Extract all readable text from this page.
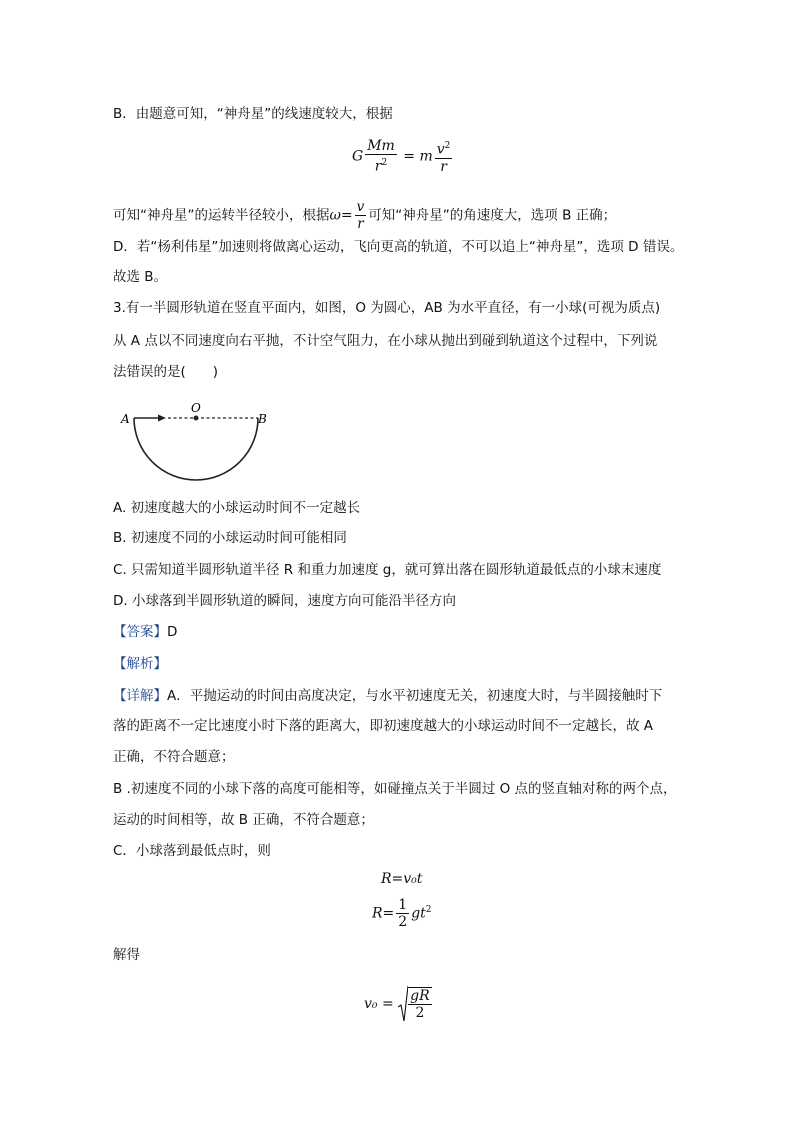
B．由题意可知，“神舟星”的线速度较大，根据
G $\frac{Mm}{r^2} = m \frac{v^2}{r}$
可知“神舟星”的运转半径较小，根据$\omega= \frac{v}{r}$ 可知“神舟星”的角速度大，选项 B 正确；
D．若“杨利伟星”加速则将做离心运动，飞向更高的轨道，不可以追上“神舟星”，选项 D 错误。
故选 B。
3.有一半圆形轨道在竖直平面内，如图，O 为圆心，AB 为水平直径，有一小球(可视为质点)
从 A 点以不同速度向右平抛，不计空气阻力，在小球从抛出到碰到轨道这个过程中，下列说
法错误的是(　　)
A
O
B
A. 初速度越大的小球运动时间不一定越长
B. 初速度不同的小球运动时间可能相同
C. 只需知道半圆形轨道半径 R 和重力加速度 g，就可算出落在圆形轨道最低点的小球末速度
D. 小球落到半圆形轨道的瞬间，速度方向可能沿半径方向
【答案】D
【解析】
【详解】A．平抛运动的时间由高度决定，与水平初速度无关，初速度大时，与半圆接触时下
落的距离不一定比速度小时下落的距离大，即初速度越大的小球运动时间不一定越长，故 A
正确，不符合题意；
B .初速度不同的小球下落的高度可能相等，如碰撞点关于半圆过 O 点的竖直轴对称的两个点，
运动的时间相等，故 B 正确，不符合题意；
C．小球落到最低点时，则
R=v₀t
$R= \frac{1}{2} gt^2$
解得
$v_0 = \frac{gR}{2}$
